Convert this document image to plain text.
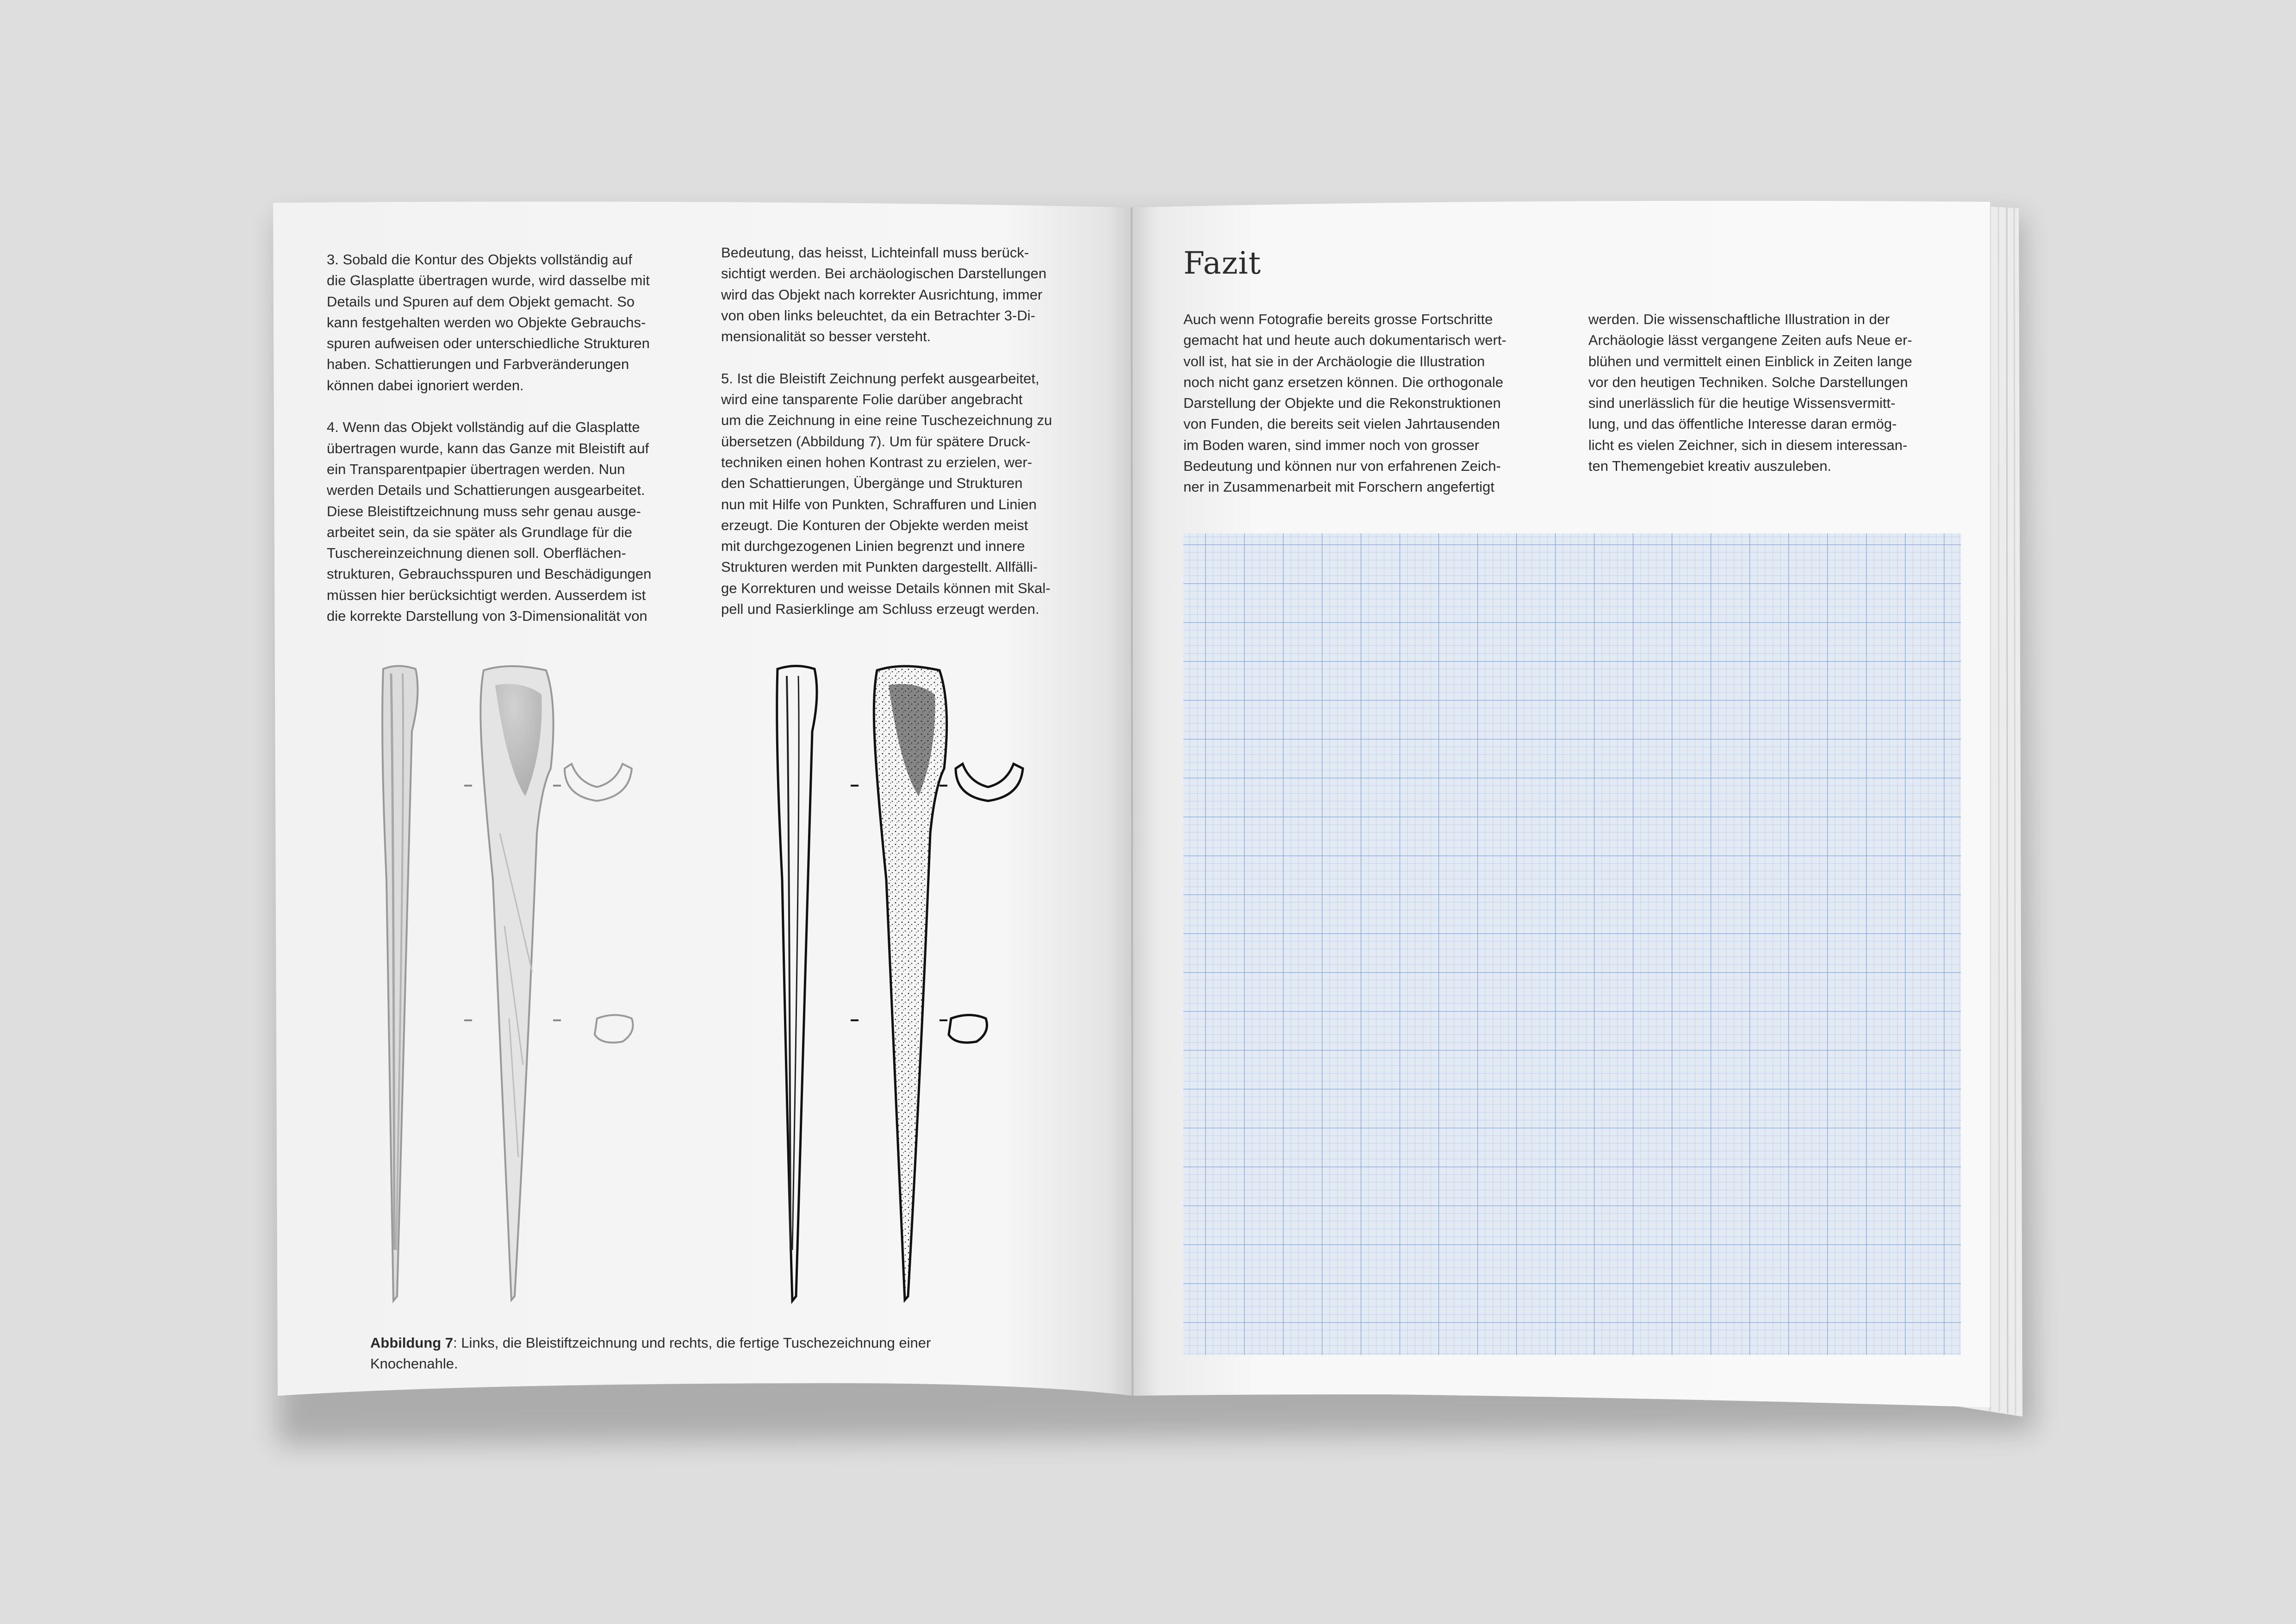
3. Sobald die Kontur des Objekts vollständig auf
die Glasplatte übertragen wurde, wird dasselbe mit
Details und Spuren auf dem Objekt gemacht. So
kann festgehalten werden wo Objekte Gebrauchs-
spuren aufweisen oder unterschiedliche Strukturen
haben. Schattierungen und Farbveränderungen
können dabei ignoriert werden.

4. Wenn das Objekt vollständig auf die Glasplatte
übertragen wurde, kann das Ganze mit Bleistift auf
ein Transparentpapier übertragen werden. Nun
werden Details und Schattierungen ausgearbeitet.
Diese Bleistiftzeichnung muss sehr genau ausge-
arbeitet sein, da sie später als Grundlage für die
Tuschereinzeichnung dienen soll. Oberflächen-
strukturen, Gebrauchsspuren und Beschädigungen
müssen hier berücksichtigt werden. Ausserdem ist
die korrekte Darstellung von 3-Dimensionalität von
Bedeutung, das heisst, Lichteinfall muss berück-
sichtigt werden. Bei archäologischen Darstellungen
wird das Objekt nach korrekter Ausrichtung, immer
von oben links beleuchtet, da ein Betrachter 3-Di-
mensionalität so besser versteht.

5. Ist die Bleistift Zeichnung perfekt ausgearbeitet,
wird eine tansparente Folie darüber angebracht
um die Zeichnung in eine reine Tuschezeichnung zu
übersetzen (Abbildung 7). Um für spätere Druck-
techniken einen hohen Kontrast zu erzielen, wer-
den Schattierungen, Übergänge und Strukturen
nun mit Hilfe von Punkten, Schraffuren und Linien
erzeugt. Die Konturen der Objekte werden meist
mit durchgezogenen Linien begrenzt und innere
Strukturen werden mit Punkten dargestellt. Allfälli-
ge Korrekturen und weisse Details können mit Skal-
pell und Rasierklinge am Schluss erzeugt werden.
Abbildung 7: Links, die Bleistiftzeichnung und rechts, die fertige Tuschezeichnung einer
Knochenahle.
Fazit
Auch wenn Fotografie bereits grosse Fortschritte
gemacht hat und heute auch dokumentarisch wert-
voll ist, hat sie in der Archäologie die Illustration
noch nicht ganz ersetzen können. Die orthogonale
Darstellung der Objekte und die Rekonstruktionen
von Funden, die bereits seit vielen Jahrtausenden
im Boden waren, sind immer noch von grosser
Bedeutung und können nur von erfahrenen Zeich-
ner in Zusammenarbeit mit Forschern angefertigt
werden. Die wissenschaftliche Illustration in der
Archäologie lässt vergangene Zeiten aufs Neue er-
blühen und vermittelt einen Einblick in Zeiten lange
vor den heutigen Techniken. Solche Darstellungen
sind unerlässlich für die heutige Wissensvermitt-
lung, und das öffentliche Interesse daran ermög-
licht es vielen Zeichner, sich in diesem interessan-
ten Themengebiet kreativ auszuleben.
